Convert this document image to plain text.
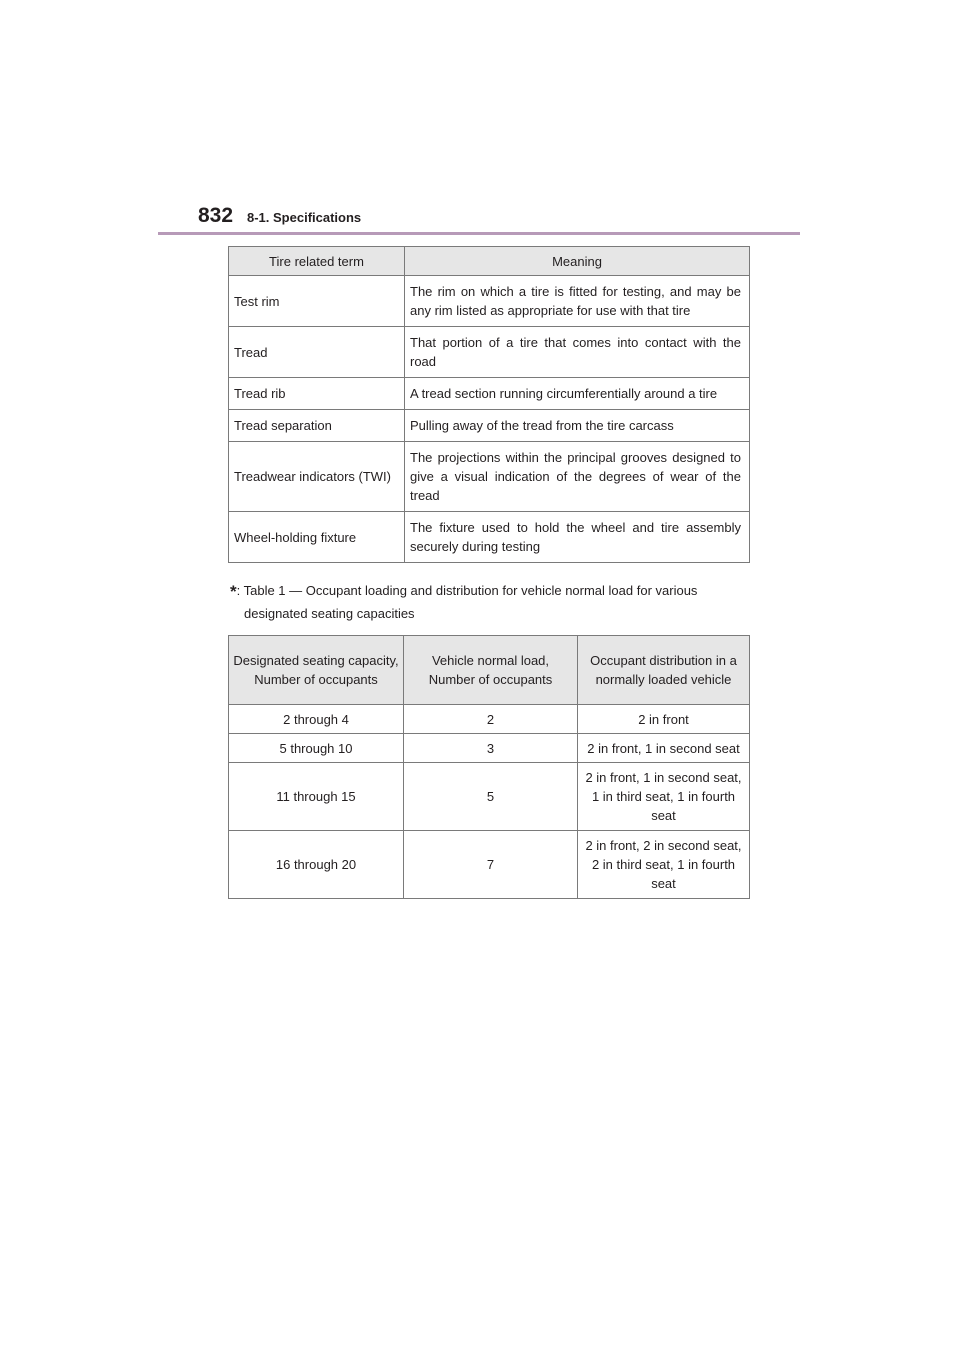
832 8-1. Specifications
Tire related term	Meaning
Test rim	The rim on which a tire is fitted for testing, and may be any rim listed as appropriate for use with that tire
Tread	That portion of a tire that comes into contact with the road
Tread rib	A tread section running circumferentially around a tire
Tread separation	Pulling away of the tread from the tire carcass
Treadwear indicators (TWI)	The projections within the principal grooves designed to give a visual indication of the degrees of wear of the tread
Wheel-holding fixture	The fixture used to hold the wheel and tire assembly securely during testing
*: Table 1 — Occupant loading and distribution for vehicle normal load for various
designated seating capacities
Designated seating capacity, Number of occupants	Vehicle normal load, Number of occupants	Occupant distribution in a normally loaded vehicle
2 through 4	2	2 in front
5 through 10	3	2 in front, 1 in second seat
11 through 15	5	2 in front, 1 in second seat, 1 in third seat, 1 in fourth seat
16 through 20	7	2 in front, 2 in second seat, 2 in third seat, 1 in fourth seat
